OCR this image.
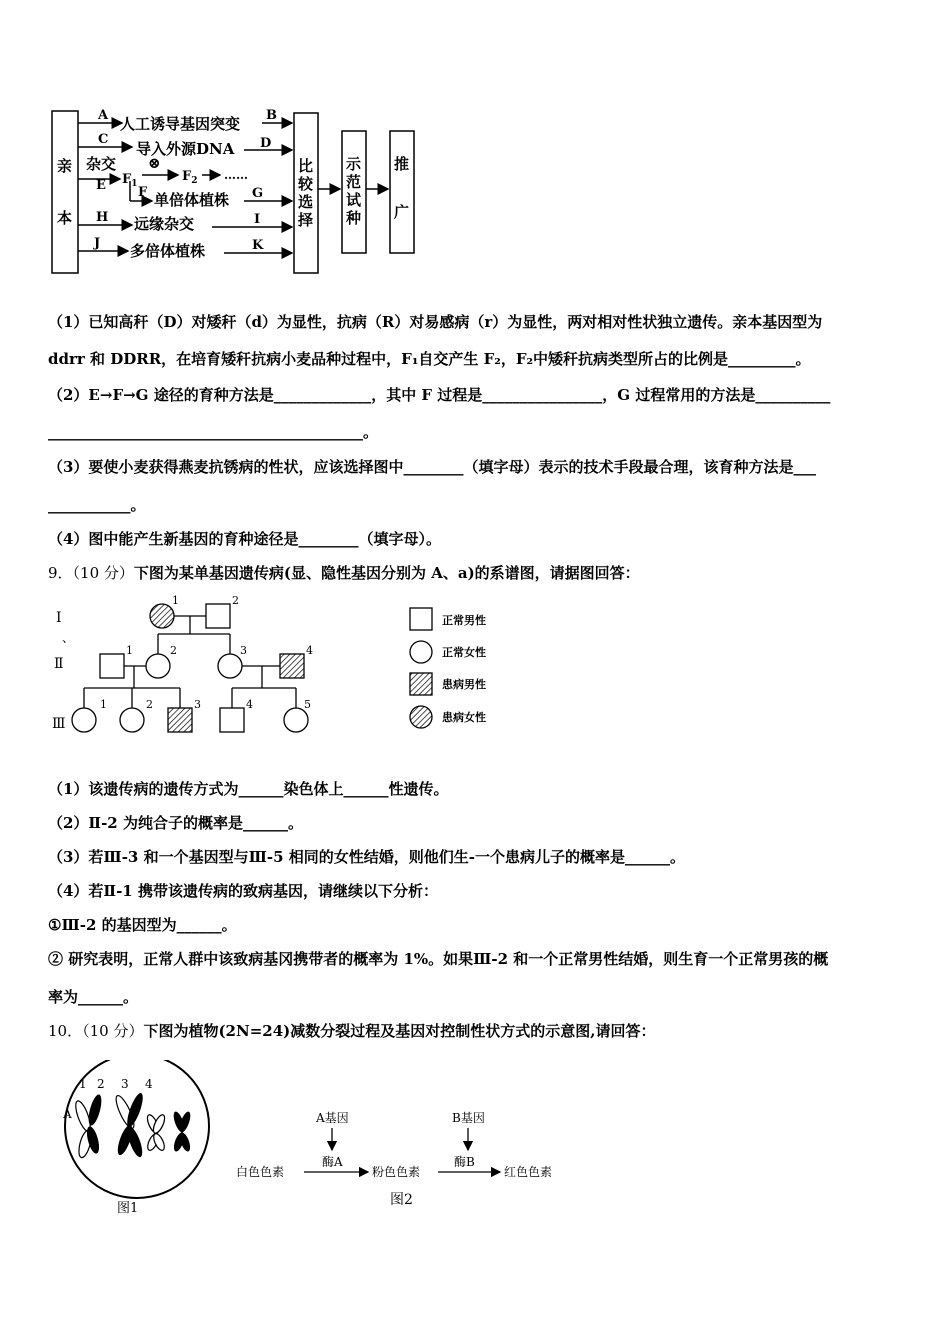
亲
本
A 人工诱导基因突变 B
C
导入外源DNA D
杂交 ⊗
$F_1$	$F_2$ ……
E F 单倍体植株 G
H 远缘杂交	I
J 多倍体植株	K
比
较
选
择
示
范
试
种
推
广
（1）已知高秆（D）对矮秆（d）为显性，抗病（R）对易感病（r）为显性，两对相对性状独立遗传。亲本基因型为
ddrr 和 DDRR，在培育矮秆抗病小麦品种过程中，F₁自交产生 F₂，F₂中矮秆抗病类型所占的比例是_________。
（2）E→F→G 途径的育种方法是_____________，其中 F 过程是________________，G 过程常用的方法是__________
__________________________________________。
（3）要使小麦获得燕麦抗锈病的性状，应该选择图中________（填字母）表示的技术手段最合理，该育种方法是___
___________。
（4）图中能产生新基因的育种途径是________（填字母）。
9．（10 分）下图为某单基因遗传病(显、隐性基因分别为 A、a)的系谱图，请据图回答：
Ⅰ
、
Ⅱ
Ⅲ
1	2
1	2	3	4
1	2	3	4	5
正常男性
正常女性
患病男性
患病女性
（1）该遗传病的遗传方式为______染色体上______性遗传。
（2）Ⅱ-2 为纯合子的概率是______。
（3）若Ⅲ-3 和一个基因型与Ⅲ-5 相同的女性结婚，则他们生-一个患病儿子的概率是______。
（4）若Ⅱ-1 携带该遗传病的致病基因，请继续以下分析：
①Ⅲ-2 的基因型为______。
② 研究表明，正常人群中该致病基冈携带者的概率为 1%。如果Ⅲ-2 和一个正常男性结婚，则生育一个正常男孩的概
率为______。
10．（10 分）下图为植物(2N=24)减数分裂过程及基因对控制性状方式的示意图,请回答：
1 2 3 4
A
图1
A基因
酶A
B基因
酶B
白色色素	粉色色素	红色色素
图2
